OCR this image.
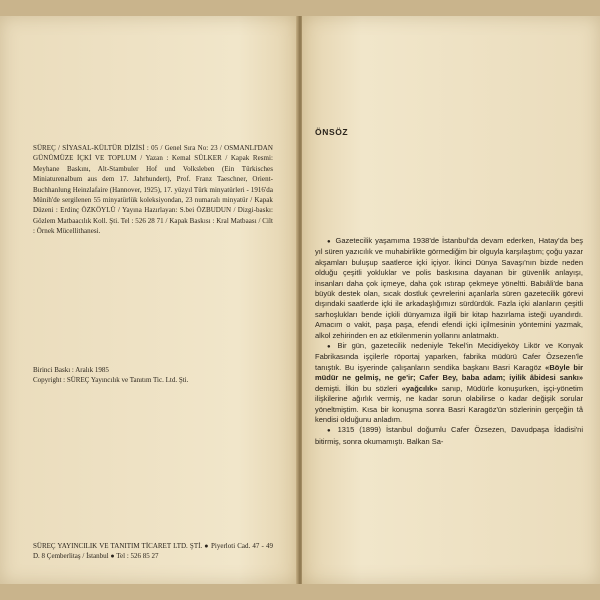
SÜREÇ / SİYASAL-KÜLTÜR DİZİSİ : 05 / Genel Sıra No: 23 / OSMANLI'DAN GÜNÜMÜZE İÇKİ VE TOPLUM / Yazan : Kemal SÜLKER / Kapak Resmi: Meyhane Baskını, Alt-Stambuler Hof und Volksleben (Ein Türkisches Miniaturenalbum aus dem 17. Jahrhundert), Prof. Franz Taeschner, Orient-Buchhanlung Heinzlafaire (Hannover, 1925), 17. yüzyıl Türk minyatürleri - 1916'da Münih'de sergilenen 55 minyatürlük koleksiyondan, 23 numaralı minyatür / Kapak Düzeni : Erdinç ÖZKÖYLÜ / Yayına Hazırlayan: S.bei ÖZBUDUN / Dizgi-baskı: Gözlem Matbaacılık Koll. Şti. Tel : 526 28 71 / Kapak Baskısı : Kral Matbaası / Cilt : Örnek Mücellithanesi.
Birinci Baskı : Aralık 1985
Copyright : SÜREÇ Yayıncılık ve Tanıtım Tic. Ltd. Şti.
SÜREÇ YAYINCILIK VE TANITIM TİCARET LTD. ŞTİ. ● Piyerloti Cad. 47 - 49 D. 8 Çemberlitaş / İstanbul ● Tel : 526 85 27
ÖNSÖZ

● Gazetecilik yaşamıma 1938'de İstanbul'da devam ederken, Hatay'da beş yıl süren yazıcılık ve muhabirlikte görmediğim bir olguyla karşılaştım; çoğu yazar akşamları buluşup saatlerce içki içiyor. İkinci Dünya Savaşı'nın bizde neden olduğu çeşitli yokluklar ve polis baskısına dayanan bir güvenlik anlayışı, insanları daha çok içmeye, daha çok ıstırap çekmeye yöneltti. Babıâli'de bana büyük destek olan, sıcak dostluk çevrelerini açanlarla süren gazetecilik görevi dışındaki saatlerde içki ile arkadaşlığımızı sürdürdük. Fazla içki alanların çeşitli sarhoşlukları bende içkili dünyamıza ilgili bir kitap hazırlama isteği uyandırdı. Amacım o vakit, paşa paşa, efendi efendi içki içilmesinin yöntemini yazmak, alkol zehirinden en az etkilenmenin yollarını anlatmaktı.

● Bir gün, gazetecilik nedeniyle Tekel'in Mecidiyeköy Likör ve Konyak Fabrikasında işçilerle röportaj yaparken, fabrika müdürü Cafer Özsezen'le tanıştık. Bu işyerinde çalışanların sendika başkanı Basri Karagöz «Böyle bir müdür ne gelmiş, ne ge'ir; Cafer Bey, baba adam; iyilik âbidesi sankı» demişti. İlkin bu sözleri «yağcılık» sanıp, Müdürle konuşurken, işçi-yönetim ilişkilerine ağırlık vermiş, ne kadar sorun olabilirse o kadar değişik sorular yöneltmiştim. Kısa bir konuşma sonra Basri Karagöz'ün sözlerinin gerçeğin tâ kendisi olduğunu anladım.

● 1315 (1899) İstanbul doğumlu Cafer Özsezen, Davudpaşa İdadisi'ni bitirmiş, sonra okumamıştı. Balkan Sa-
